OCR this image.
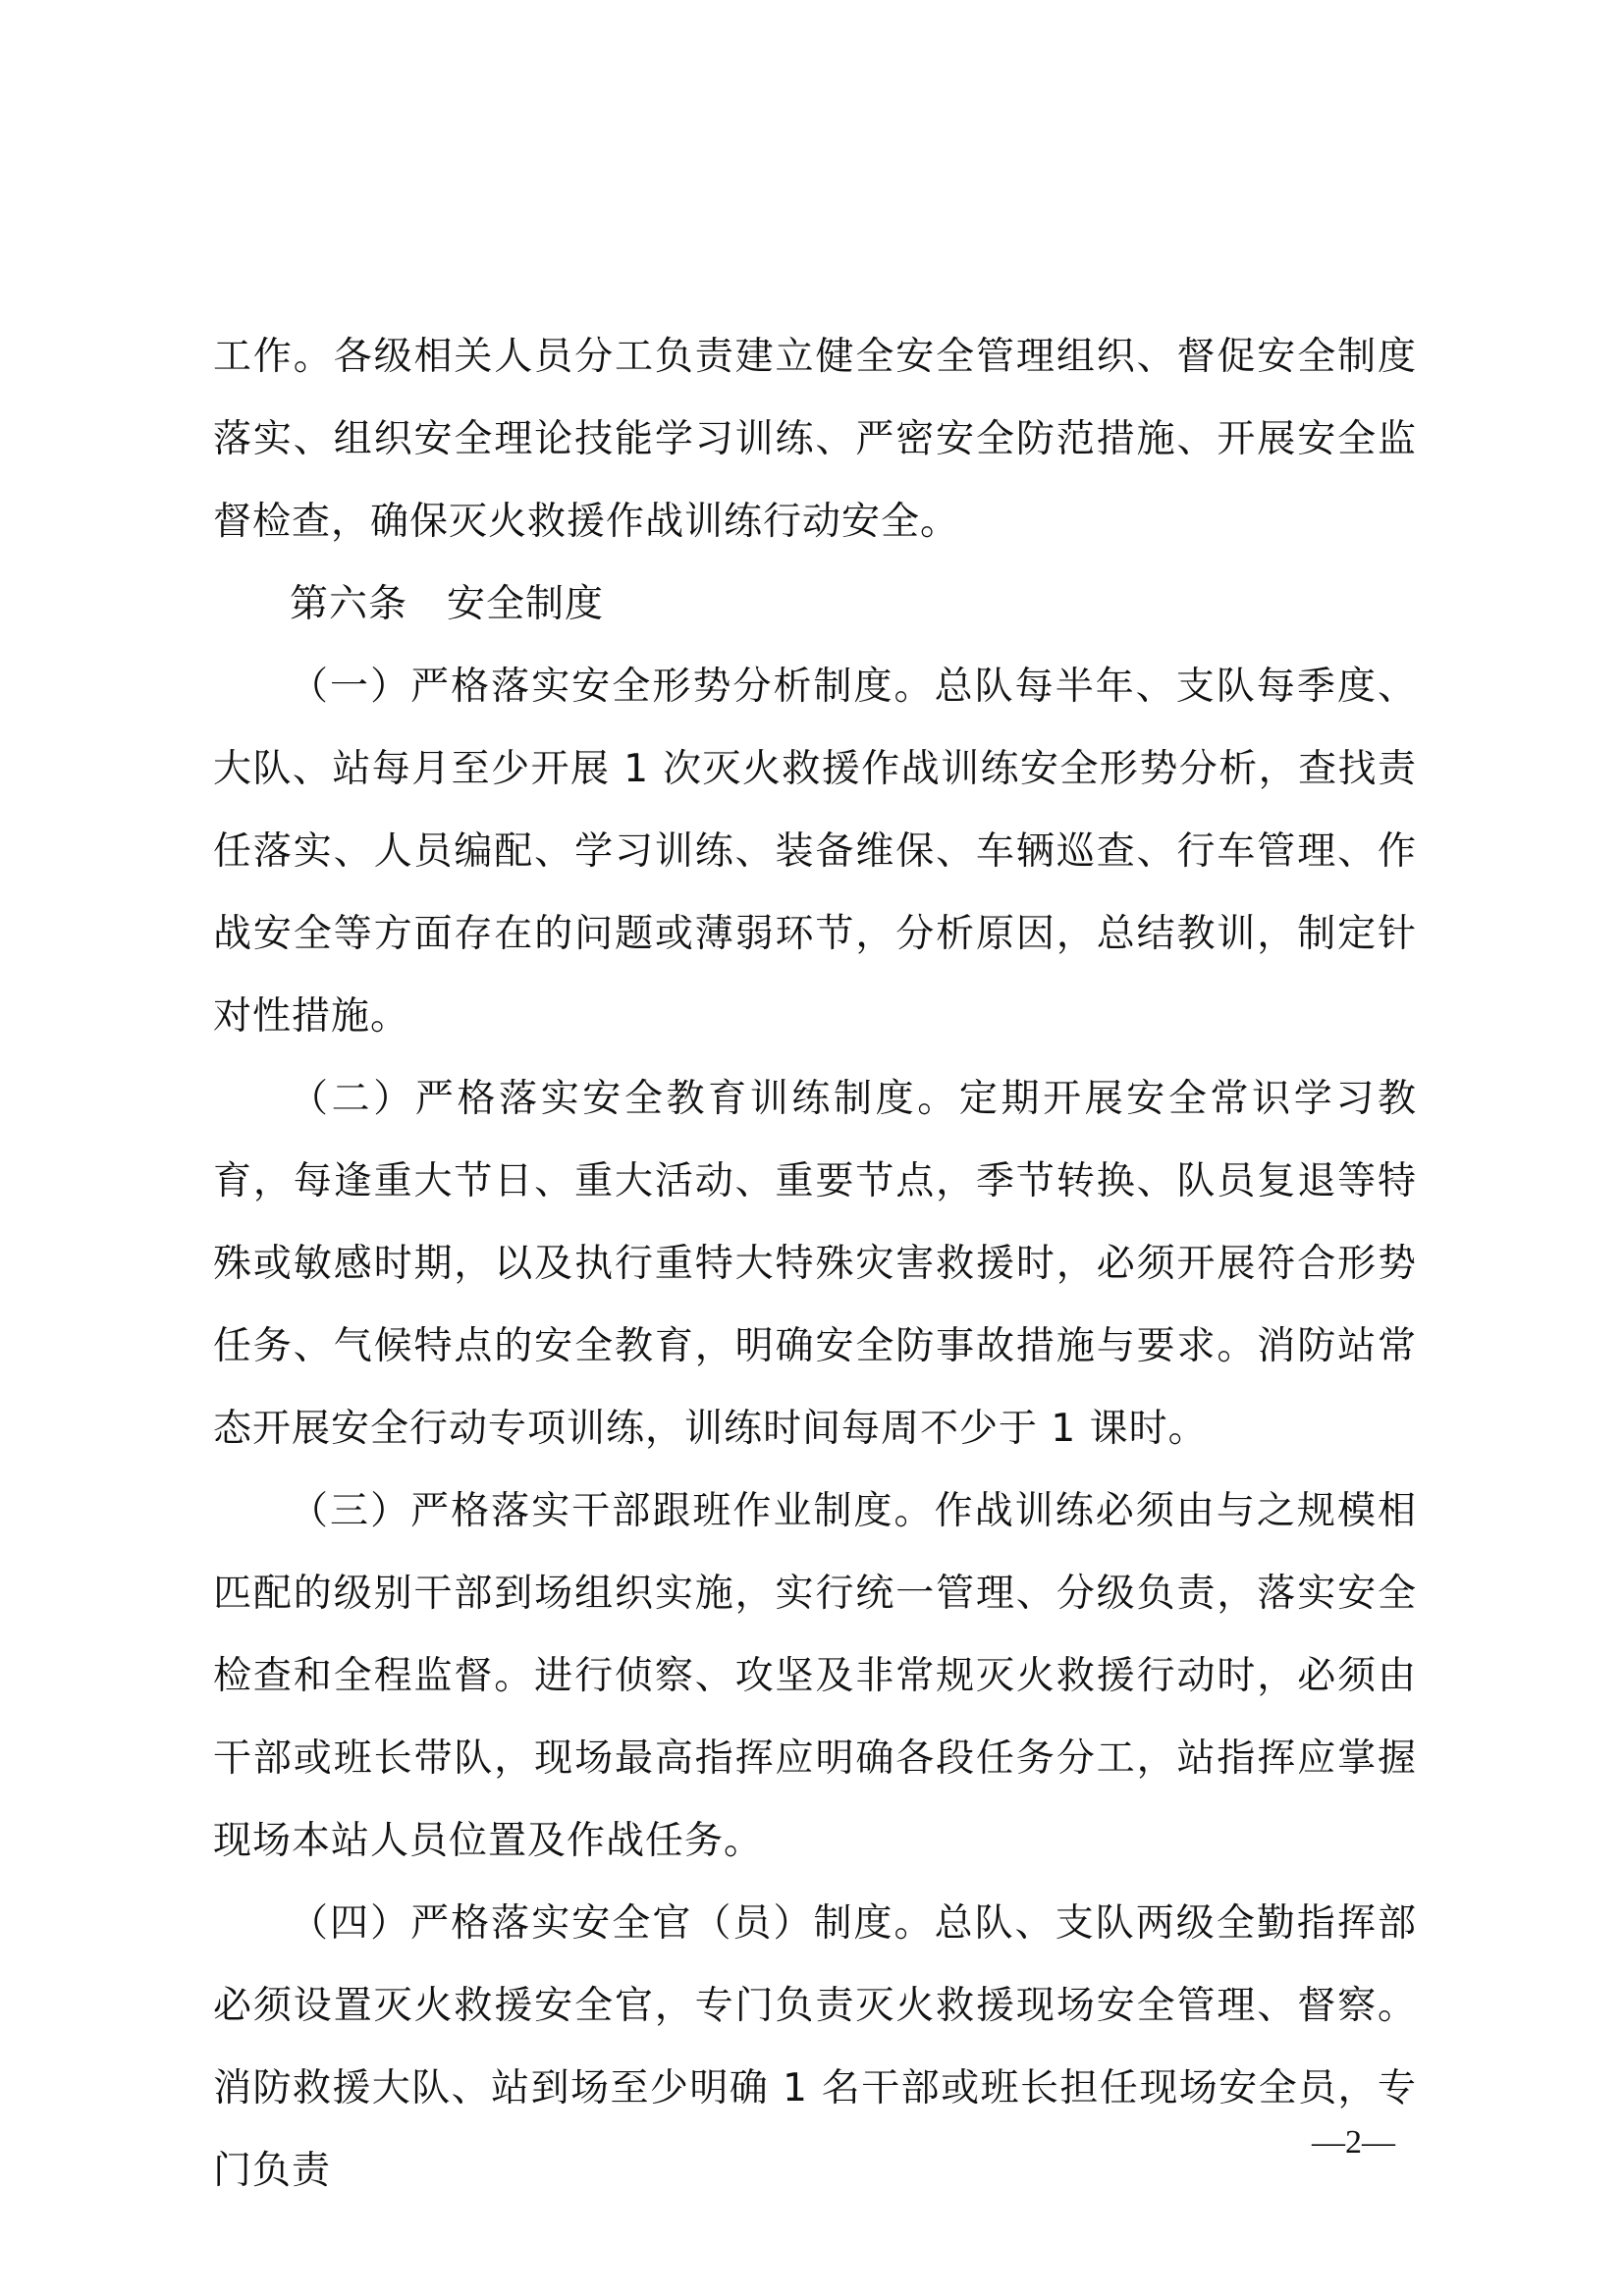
工作。各级相关人员分工负责建立健全安全管理组织、督促安全制度落实、组织安全理论技能学习训练、严密安全防范措施、开展安全监督检查，确保灭火救援作战训练行动安全。

第六条　安全制度

（一）严格落实安全形势分析制度。总队每半年、支队每季度、大队、站每月至少开展 1 次灭火救援作战训练安全形势分析，查找责任落实、人员编配、学习训练、装备维保、车辆巡查、行车管理、作战安全等方面存在的问题或薄弱环节，分析原因，总结教训，制定针对性措施。

（二）严格落实安全教育训练制度。定期开展安全常识学习教育，每逢重大节日、重大活动、重要节点，季节转换、队员复退等特殊或敏感时期，以及执行重特大特殊灾害救援时，必须开展符合形势任务、气候特点的安全教育，明确安全防事故措施与要求。消防站常态开展安全行动专项训练，训练时间每周不少于 1 课时。

（三）严格落实干部跟班作业制度。作战训练必须由与之规模相匹配的级别干部到场组织实施，实行统一管理、分级负责，落实安全检查和全程监督。进行侦察、攻坚及非常规灭火救援行动时，必须由干部或班长带队，现场最高指挥应明确各段任务分工，站指挥应掌握现场本站人员位置及作战任务。

（四）严格落实安全官（员）制度。总队、支队两级全勤指挥部必须设置灭火救援安全官，专门负责灭火救援现场安全管理、督察。消防救援大队、站到场至少明确 1 名干部或班长担任现场安全员，专门负责

—2—
